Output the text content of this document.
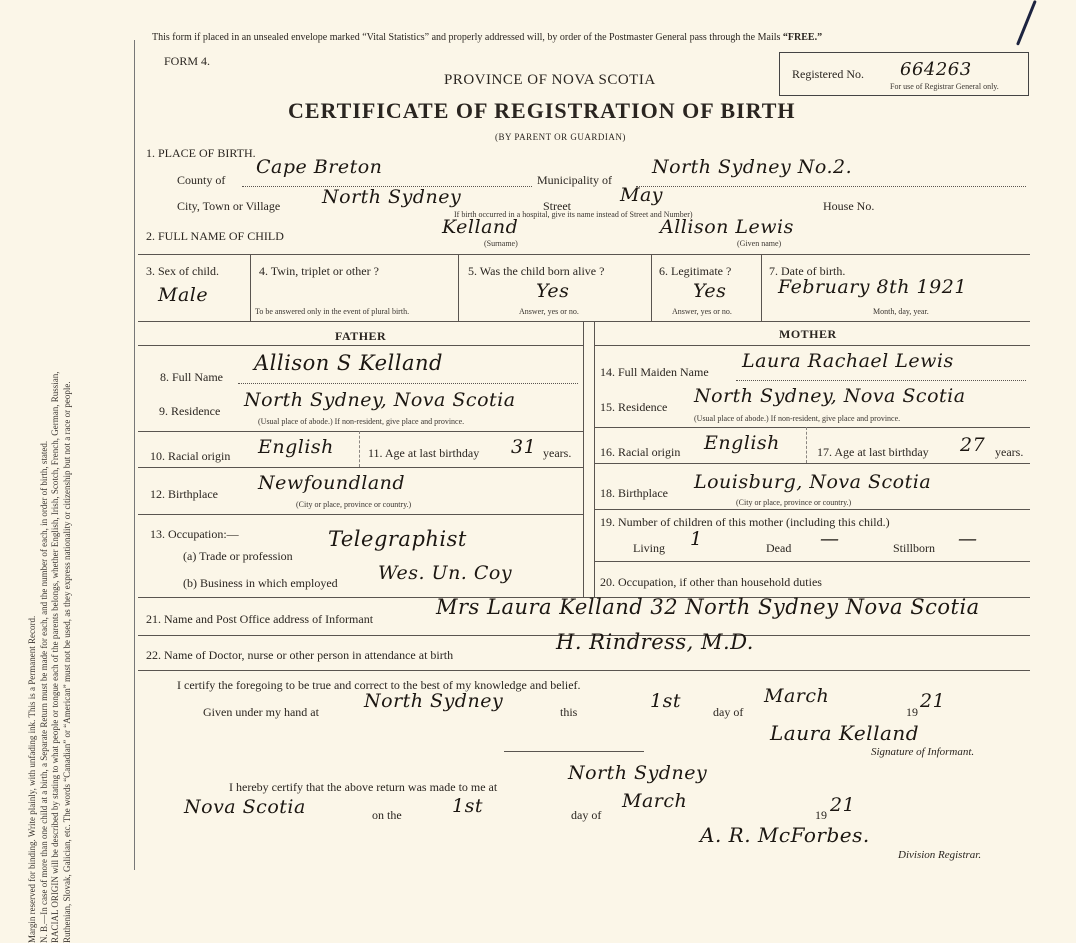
Margin reserved for binding. Write plainly, with unfading ink. This is a Permanent Record. N. B.—In case of more than one child at a birth, a Separate Return must be made for each, and the number of each, in order of birth, stated. RACIAL ORIGIN will be described by stating to what people or tongue each of the parents belongs, whether English, Irish, Scotch, French, German, Russian, Ruthenian, Slovak, Galician, etc. The words “Canadian” or “American” must not be used, as they express nationality or citizenship but not a race or people.
This form if placed in an unsealed envelope marked “Vital Statistics” and properly addressed will, by order of the Postmaster General pass through the Mails “FREE.”
FORM 4.
Registered No. 664263
For use of Registrar General only.
PROVINCE OF NOVA SCOTIA
CERTIFICATE OF REGISTRATION OF BIRTH
(BY PARENT OR GUARDIAN)
1. PLACE OF BIRTH.
County of
Cape Breton
Municipality of
North Sydney No.2.
City, Town or Village North Sydney	Street	May	House No.
If birth occurred in a hospital, give its name instead of Street and Number)
2. FULL NAME OF CHILD	Kelland
(Surname)
Allison Lewis
(Given name)
3. Sex of child.
Male
4. Twin, triplet or other ?
To be answered only in the event of plural birth.
5. Was the child born alive ?
Yes
Answer, yes or no.
6. Legitimate ?
Yes
Answer, yes or no.
7. Date of birth.
February 8th 1921
Month, day, year.
FATHER	MOTHER
8. Full Name
Allison S Kelland
9. Residence North Sydney, Nova Scotia
(Usual place of abode.) If non-resident, give place and province.
10. Racial origin English	11. Age at last birthday 31 years.
12. Birthplace Newfoundland
(City or place, province or country.)
13. Occupation:—
(a) Trade or profession
Telegraphist
(b) Business in which employed Wes. Un. Coy
14. Full Maiden Name Laura Rachael Lewis
15. Residence North Sydney, Nova Scotia
(Usual place of abode.) If non-resident, give place and province.
16. Racial origin English	17. Age at last birthday 27 years.
18. Birthplace Louisburg, Nova Scotia
(City or place, province or country.)
19. Number of children of this mother (including this child.)
Living 1	Dead —	Stillborn —
20. Occupation, if other than household duties
21. Name and Post Office address of Informant	Mrs Laura Kelland 32 North Sydney Nova Scotia
22. Name of Doctor, nurse or other person in attendance at birth
H. Rindress, M.D.
I certify the foregoing to be true and correct to the best of my knowledge and belief.
Given under my hand at North Sydney	this	1st	day of
March
19 21
Laura Kelland
Signature of Informant.
I hereby certify that the above return was made to me at
North Sydney
Nova Scotia	on the	1st	day of
March
19 21
A. R. McForbes.
Division Registrar.
